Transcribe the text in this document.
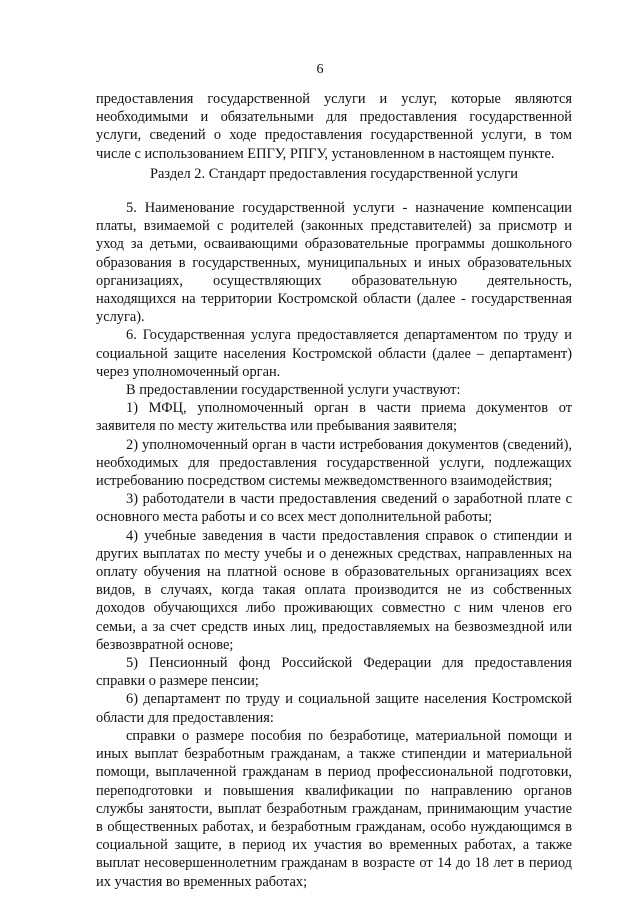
6

предоставления государственной услуги и услуг, которые являются необходимыми и обязательными для предоставления государственной услуги, сведений о ходе предоставления государственной услуги, в том числе с использованием ЕПГУ, РПГУ, установленном в настоящем пункте.

Раздел 2. Стандарт предоставления государственной услуги

5. Наименование государственной услуги - назначение компенсации платы, взимаемой с родителей (законных представителей) за присмотр и уход за детьми, осваивающими образовательные программы дошкольного образования в государственных, муниципальных и иных образовательных организациях, осуществляющих образовательную деятельность, находящихся на территории Костромской области (далее - государственная услуга).

6. Государственная услуга предоставляется департаментом по труду и социальной защите населения Костромской области (далее – департамент) через уполномоченный орган.

В предоставлении государственной услуги участвуют:

1) МФЦ, уполномоченный орган в части приема документов от заявителя по месту жительства или пребывания заявителя;

2) уполномоченный орган в части истребования документов (сведений), необходимых для предоставления государственной услуги, подлежащих истребованию посредством системы межведомственного взаимодействия;

3) работодатели в части предоставления сведений о заработной плате с основного места работы и со всех мест дополнительной работы;

4) учебные заведения в части предоставления справок о стипендии и других выплатах по месту учебы и о денежных средствах, направленных на оплату обучения на платной основе в образовательных организациях всех видов, в случаях, когда такая оплата производится не из собственных доходов обучающихся либо проживающих совместно с ним членов его семьи, а за счет средств иных лиц, предоставляемых на безвозмездной или безвозвратной основе;

5) Пенсионный фонд Российской Федерации для предоставления справки о размере пенсии;

6) департамент по труду и социальной защите населения Костромской области для предоставления:

справки о размере пособия по безработице, материальной помощи и иных выплат безработным гражданам, а также стипендии и материальной помощи, выплаченной гражданам в период профессиональной подготовки, переподготовки и повышения квалификации по направлению органов службы занятости, выплат безработным гражданам, принимающим участие в общественных работах, и безработным гражданам, особо нуждающимся в социальной защите, в период их участия во временных работах, а также выплат несовершеннолетним гражданам в возрасте от 14 до 18 лет в период их участия во временных работах;
